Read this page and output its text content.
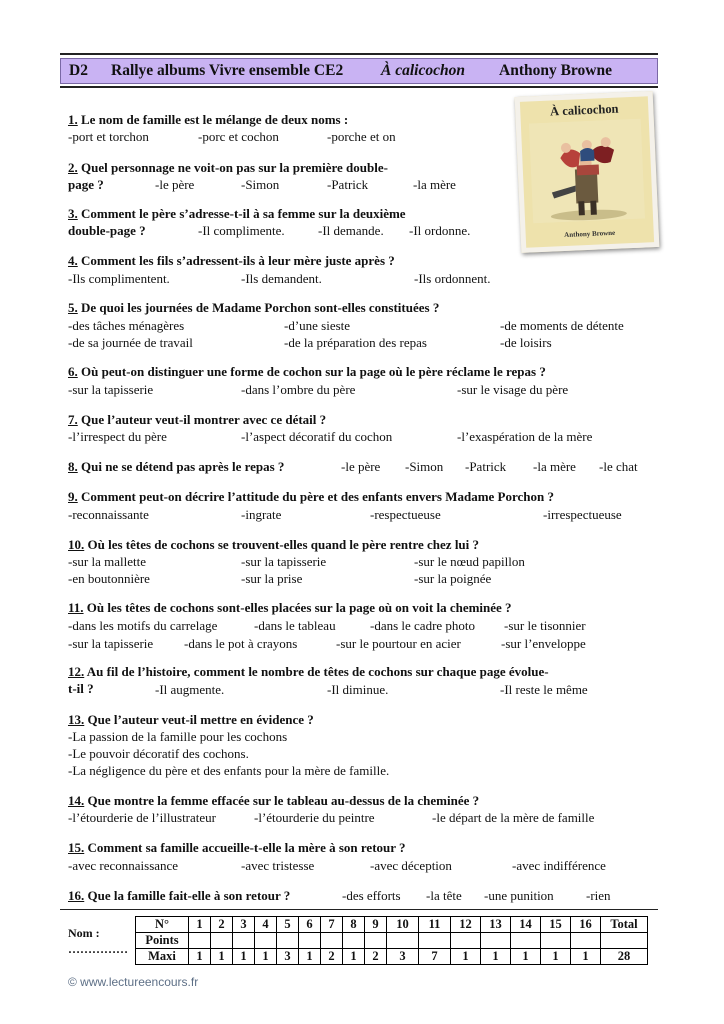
D2 Rallye albums Vivre ensemble CE2 À calicochon Anthony Browne
À calicochon
Anthony Browne
1. Le nom de famille est le mélange de deux noms :
-port et torchon	-porc et cochon	-porche et on
2. Quel personnage ne voit-on pas sur la première double-
page ?	-le père	-Simon	-Patrick	-la mère
3. Comment le père s’adresse-t-il à sa femme sur la deuxième
double-page ?	-Il complimente.	-Il demande. -Il ordonne.
4. Comment les fils s’adressent-ils à leur mère juste après ?
-Ils complimentent.	-Ils demandent.	-Ils ordonnent.
5. De quoi les journées de Madame Porchon sont-elles constituées ?
-des tâches ménagères	-d’une sieste	-de moments de détente
-de sa journée de travail	-de la préparation des repas	-de loisirs
6. Où peut-on distinguer une forme de cochon sur la page où le père réclame le repas ?
-sur la tapisserie	-dans l’ombre du père	-sur le visage du père
7. Que l’auteur veut-il montrer avec ce détail ?
-l’irrespect du père	-l’aspect décoratif du cochon	-l’exaspération de la mère
8. Qui ne se détend pas après le repas ?	-le père -Simon -Patrick -la mère -le chat
9. Comment peut-on décrire l’attitude du père et des enfants envers Madame Porchon ?
-reconnaissante	-ingrate	-respectueuse	-irrespectueuse
10. Où les têtes de cochons se trouvent-elles quand le père rentre chez lui ?
-sur la mallette	-sur la tapisserie	-sur le nœud papillon
-en boutonnière	-sur la prise	-sur la poignée
11. Où les têtes de cochons sont-elles placées sur la page où on voit la cheminée ?
-dans les motifs du carrelage	-dans le tableau	-dans le cadre photo -sur le tisonnier
-sur la tapisserie -dans le pot à crayons	-sur le pourtour en acier	-sur l’enveloppe
12. Au fil de l’histoire, comment le nombre de têtes de cochons sur chaque page évolue-
t-il ?	-Il augmente.	-Il diminue.	-Il reste le même
13. Que l’auteur veut-il mettre en évidence ?
-La passion de la famille pour les cochons
-Le pouvoir décoratif des cochons.
-La négligence du père et des enfants pour la mère de famille.
14. Que montre la femme effacée sur le tableau au-dessus de la cheminée ?
-l’étourderie de l’illustrateur	-l’étourderie du peintre	-le départ de la mère de famille
15. Comment sa famille accueille-t-elle la mère à son retour ?
-avec reconnaissance	-avec tristesse	-avec déception	-avec indifférence
16. Que la famille fait-elle à son retour ?	-des efforts -la tête -une punition -rien
Nom :
……………
N°	1	2	3	4	5	6	7	8	9	10	11	12	13	14	15	16	Total
Points																	
Maxi	1	1	1	1	3	1	2	1	2	3	7	1	1	1	1	1	28
© www.lectureencours.fr
